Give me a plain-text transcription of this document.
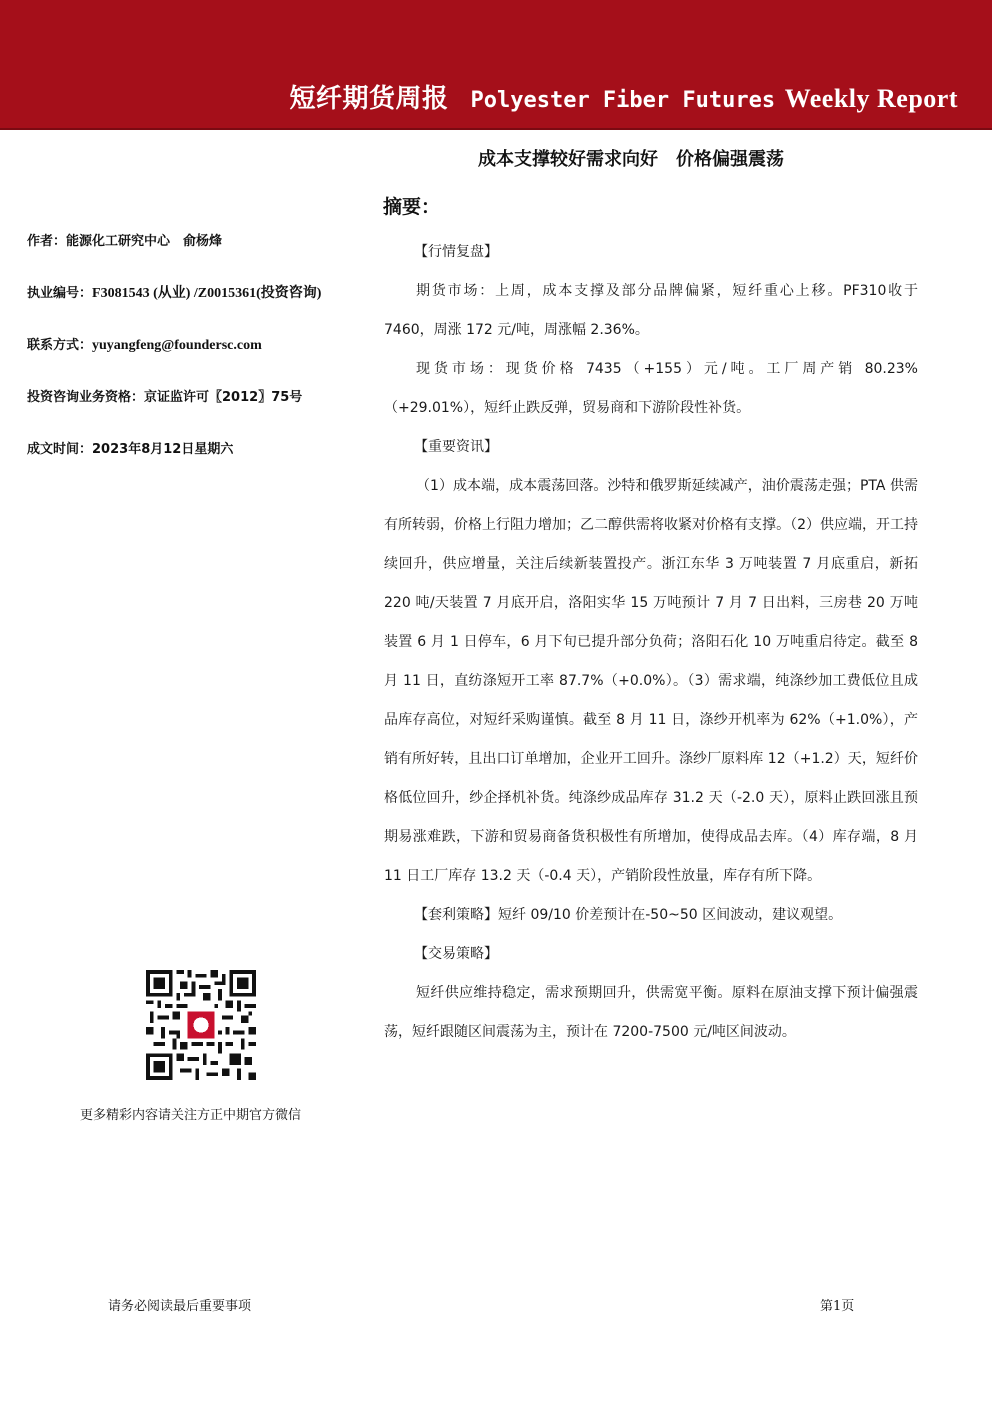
短纤期货周报 Polyester Fiber Futures Weekly Report
成本支撑较好需求向好　价格偏强震荡
摘要：
作者：能源化工研究中心　俞杨烽
执业编号：F3081543 (从业) /Z0015361(投资咨询)
联系方式：yuyangfeng@foundersc.com
投资咨询业务资格：京证监许可〖2012〗75号
成文时间：2023年8月12日星期六

更多精彩内容请关注方正中期官方微信

【行情复盘】

期货市场：上周，成本支撑及部分品牌偏紧，短纤重心上移。PF310收于 7460，周涨 172 元/吨，周涨幅 2.36%。

现货市场：现货价格 7435（+155）元/吨。工厂周产销 80.23%（+29.01%），短纤止跌反弹，贸易商和下游阶段性补货。

【重要资讯】

（1）成本端，成本震荡回落。沙特和俄罗斯延续减产，油价震荡走强；PTA 供需有所转弱，价格上行阻力增加；乙二醇供需将收紧对价格有支撑。（2）供应端，开工持续回升，供应增量，关注后续新装置投产。浙江东华 3 万吨装置 7 月底重启，新拓 220 吨/天装置 7 月底开启，洛阳实华 15 万吨预计 7 月 7 日出料，三房巷 20 万吨装置 6 月 1 日停车，6 月下旬已提升部分负荷；洛阳石化 10 万吨重启待定。截至 8 月 11 日，直纺涤短开工率 87.7%（+0.0%）。（3）需求端，纯涤纱加工费低位且成品库存高位，对短纤采购谨慎。截至 8 月 11 日，涤纱开机率为 62%（+1.0%），产销有所好转，且出口订单增加，企业开工回升。涤纱厂原料库 12（+1.2）天，短纤价格低位回升，纱企择机补货。纯涤纱成品库存 31.2 天（-2.0 天），原料止跌回涨且预期易涨难跌，下游和贸易商备货积极性有所增加，使得成品去库。（4）库存端，8 月 11 日工厂库存 13.2 天（-0.4 天），产销阶段性放量，库存有所下降。

【套利策略】短纤 09/10 价差预计在-50~50 区间波动，建议观望。
【交易策略】

短纤供应维持稳定，需求预期回升，供需宽平衡。原料在原油支撑下预计偏强震荡，短纤跟随区间震荡为主，预计在 7200-7500 元/吨区间波动。

请务必阅读最后重要事项	第1页
